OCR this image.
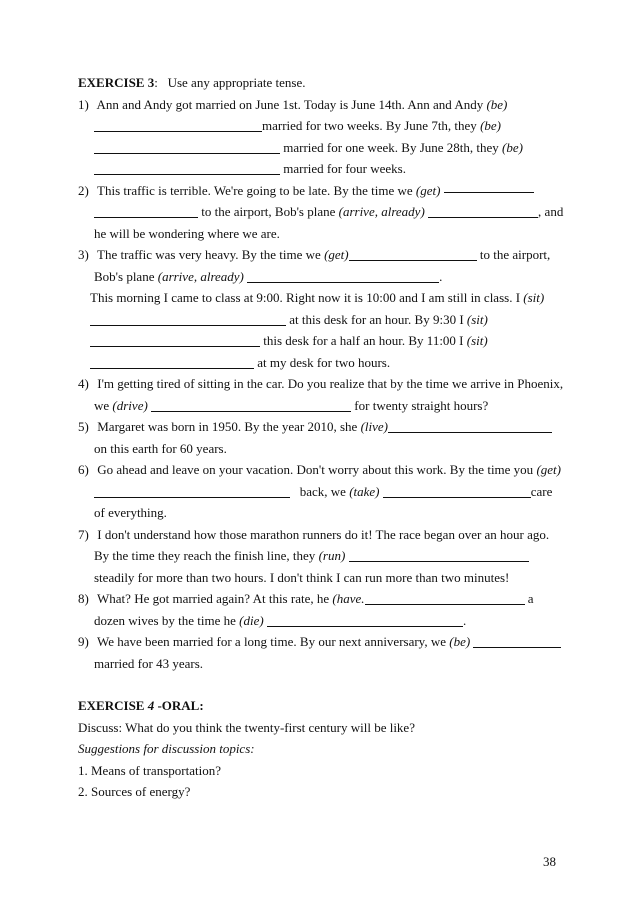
EXERCISE 3: Use any appropriate tense.
1) Ann and Andy got married on June 1st. Today is June 14th. Ann and Andy (be)
married for two weeks. By June 7th, they (be)
married for one week. By June 28th, they (be)
married for four weeks.
2) This traffic is terrible. We're going to be late. By the time we (get)
to the airport, Bob's plane (arrive, already)	, and
he will be wondering where we are.
3) The traffic was very heavy. By the time we (get)	to the airport,
Bob's plane (arrive, already)	.
This morning I came to class at 9:00. Right now it is 10:00 and I am still in class. I (sit)
at this desk for an hour. By 9:30 I (sit)
this desk for a half an hour. By 11:00 I (sit)
at my desk for two hours.
4) I'm getting tired of sitting in the car. Do you realize that by the time we arrive in Phoenix,
we (drive)	for twenty straight hours?
5) Margaret was born in 1950. By the year 2010, she (live)
on this earth for 60 years.
6) Go ahead and leave on your vacation. Don't worry about this work. By the time you (get)
back, we (take)	care
of everything.
7) I don't understand how those marathon runners do it! The race began over an hour ago.
By the time they reach the finish line, they (run)
steadily for more than two hours. I don't think I can run more than two minutes!
8) What? He got married again? At this rate, he (have.	a
dozen wives by the time he (die)	.
9) We have been married for a long time. By our next anniversary, we (be)
married for 43 years.
EXERCISE 4 -ORAL:
Discuss: What do you think the twenty-first century will be like?
Suggestions for discussion topics:
1. Means of transportation?
2. Sources of energy?
38
